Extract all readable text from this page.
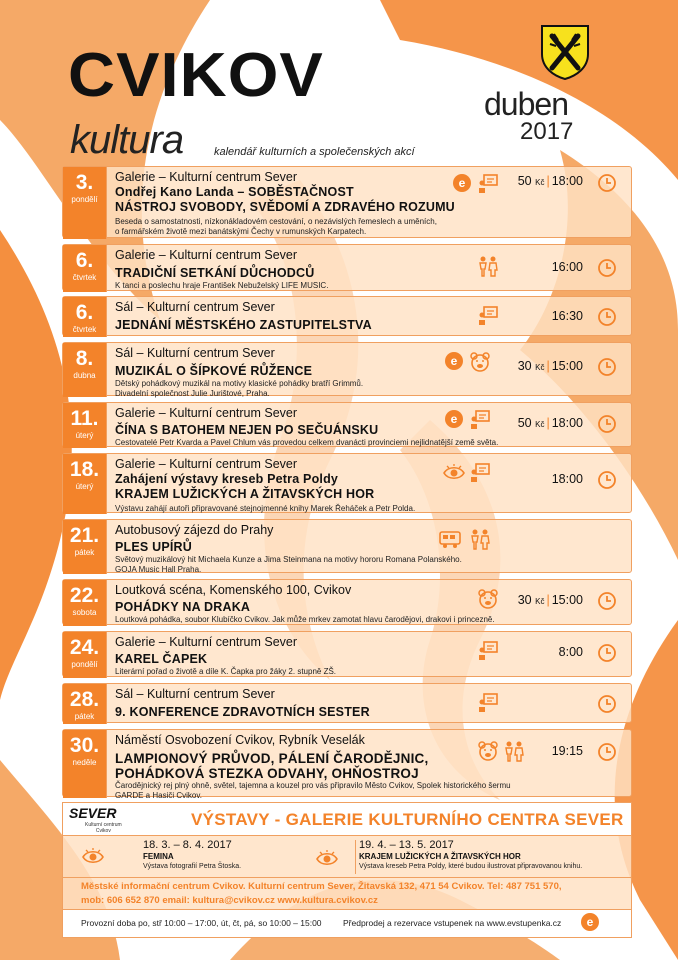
CVIKOV
kultura	kalendář kulturních a společenských akcí
duben
2017
3.
pondělí
Galerie – Kulturní centrum Sever
Ondřej Kano Landa – SOBĚSTAČNOST
NÁSTROJ SVOBODY, SVĚDOMÍ A ZDRAVÉHO ROZUMU
Beseda o samostatnosti, nízkonákladovém cestování, o nezávislých řemeslech a uměních,
o farmářském životě mezi banátskými Čechy v rumunských Karpatech.
e	50 Kč | 18:00
6.
čtvrtek
Galerie – Kulturní centrum Sever
TRADIČNÍ SETKÁNÍ DŮCHODCŮ
K tanci a poslechu hraje František Nebuželský LIFE MUSIC.
16:00
6.
čtvrtek
Sál – Kulturní centrum Sever
JEDNÁNÍ MĚSTSKÉHO ZASTUPITELSTVA
16:30
8.
dubna
Sál – Kulturní centrum Sever
MUZIKÁL O ŠÍPKOVÉ RŮŽENCE
Dětský pohádkový muzikál na motivy klasické pohádky bratří Grimmů.
Divadelní společnost Julie Jurištové, Praha.
e	30 Kč | 15:00
11.
úterý
Galerie – Kulturní centrum Sever
ČÍNA S BATOHEM NEJEN PO SEČUÁNSKU
Cestovatelé Petr Kvarda a Pavel Chlum vás provedou celkem dvanácti provinciemi nejlidnatější země světa.
e	50 Kč | 18:00
18.
úterý
Galerie – Kulturní centrum Sever
Zahájení výstavy kreseb Petra Poldy
KRAJEM LUŽICKÝCH A ŽITAVSKÝCH HOR
Výstavu zahájí autoři připravované stejnojmenné knihy Marek Řeháček a Petr Polda.
18:00
21.
pátek
Autobusový zájezd do Prahy
PLES UPÍRŮ
Světový muzikálový hit Michaela Kunze a Jima Steinmana na motivy hororu Romana Polanského.
GOJA Music Hall Praha.
22.
sobota
Loutková scéna, Komenského 100, Cvikov
POHÁDKY NA DRAKA
Loutková pohádka, soubor Klubíčko Cvikov. Jak může mrkev zamotat hlavu čarodějovi, drakovi i princezně.
30 Kč | 15:00
24.
pondělí
Galerie – Kulturní centrum Sever
KAREL ČAPEK
Literární pořad o životě a díle K. Čapka pro žáky 2. stupně ZŠ.
8:00
28.
pátek
Sál – Kulturní centrum Sever
9. KONFERENCE ZDRAVOTNÍCH SESTER
30.
neděle
Náměstí Osvobození Cvikov, Rybník Veselák
LAMPIONOVÝ PRŮVOD, PÁLENÍ ČARODĚJNIC,
POHÁDKOVÁ STEZKA ODVAHY, OHŇOSTROJ
Čarodějnický rej plný ohně, světel, tajemna a kouzel pro vás připravilo Město Cvikov, Spolek historického šermu
GARDE a Hasiči Cvikov.
19:15
SEVER
Kulturní centrum
Cvikov
VÝSTAVY - GALERIE KULTURNÍHO CENTRA SEVER
18. 3. – 8. 4. 2017
FEMINA
Výstava fotografií Petra Štoska.
19. 4. – 13. 5. 2017
KRAJEM LUŽICKÝCH A ŽITAVSKÝCH HOR
Výstava kreseb Petra Poldy, které budou ilustrovat připravovanou knihu.
Městské informační centrum Cvikov. Kulturní centrum Sever, Žitavská 132, 471 54 Cvikov. Tel: 487 751 570,
mob: 606 652 870 email: kultura@cvikov.cz www.kultura.cvikov.cz
Provozní doba po, stř 10:00 – 17:00, út, čt, pá, so 10:00 – 15:00	Předprodej a rezervace vstupenek na www.evstupenka.cz e
